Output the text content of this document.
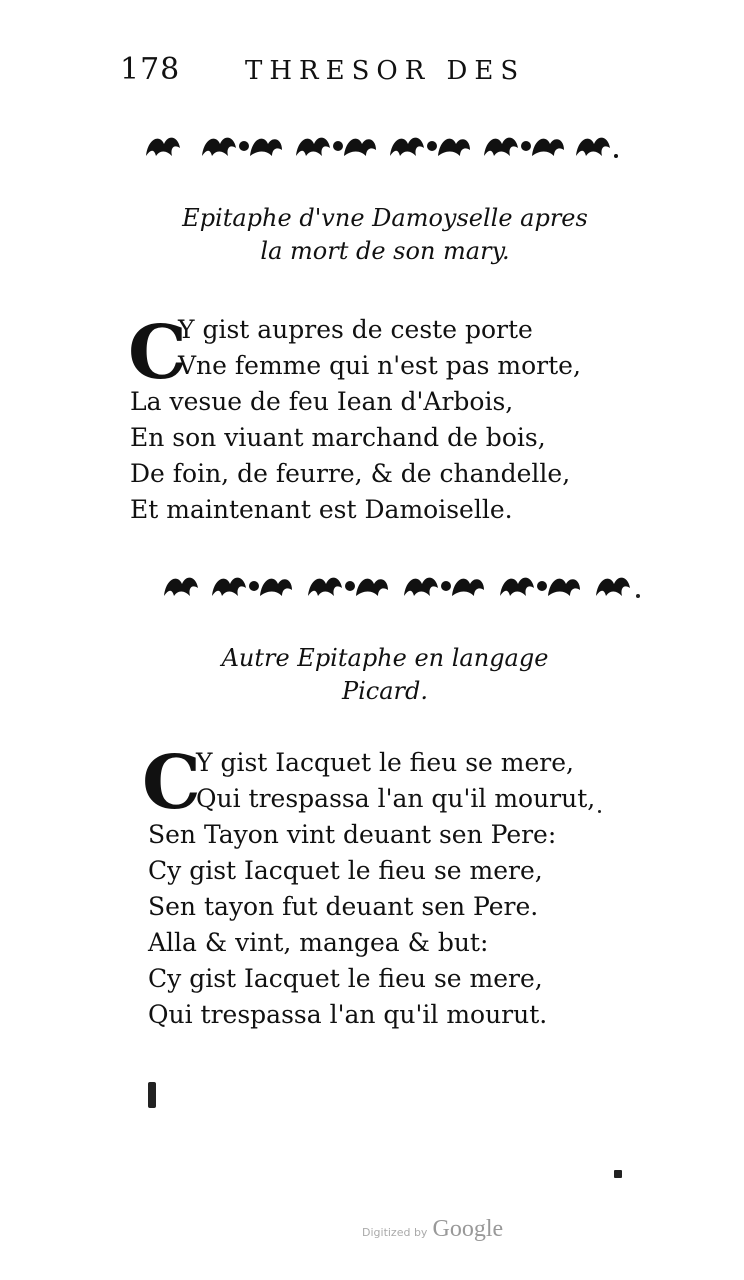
178 THRESOR DES
Epitaphe d'vne Damoyselle apres
la mort de son mary.
C
Y gist aupres de ceste porte
Vne femme qui n'est pas morte,
La vesue de feu Iean d'Arbois,
En son viuant marchand de bois,
De foin, de feurre, & de chandelle,
Et maintenant est Damoiselle.
Autre Epitaphe en langage
Picard.
C
Y gist Iacquet le fieu se mere,
Qui trespassa l'an qu'il mourut,
Sen Tayon vint deuant sen Pere:
Cy gist Iacquet le fieu se mere,
Sen tayon fut deuant sen Pere.
Alla & vint, mangea & but:
Cy gist Iacquet le fieu se mere,
Qui trespassa l'an qu'il mourut.
Digitized by Google
